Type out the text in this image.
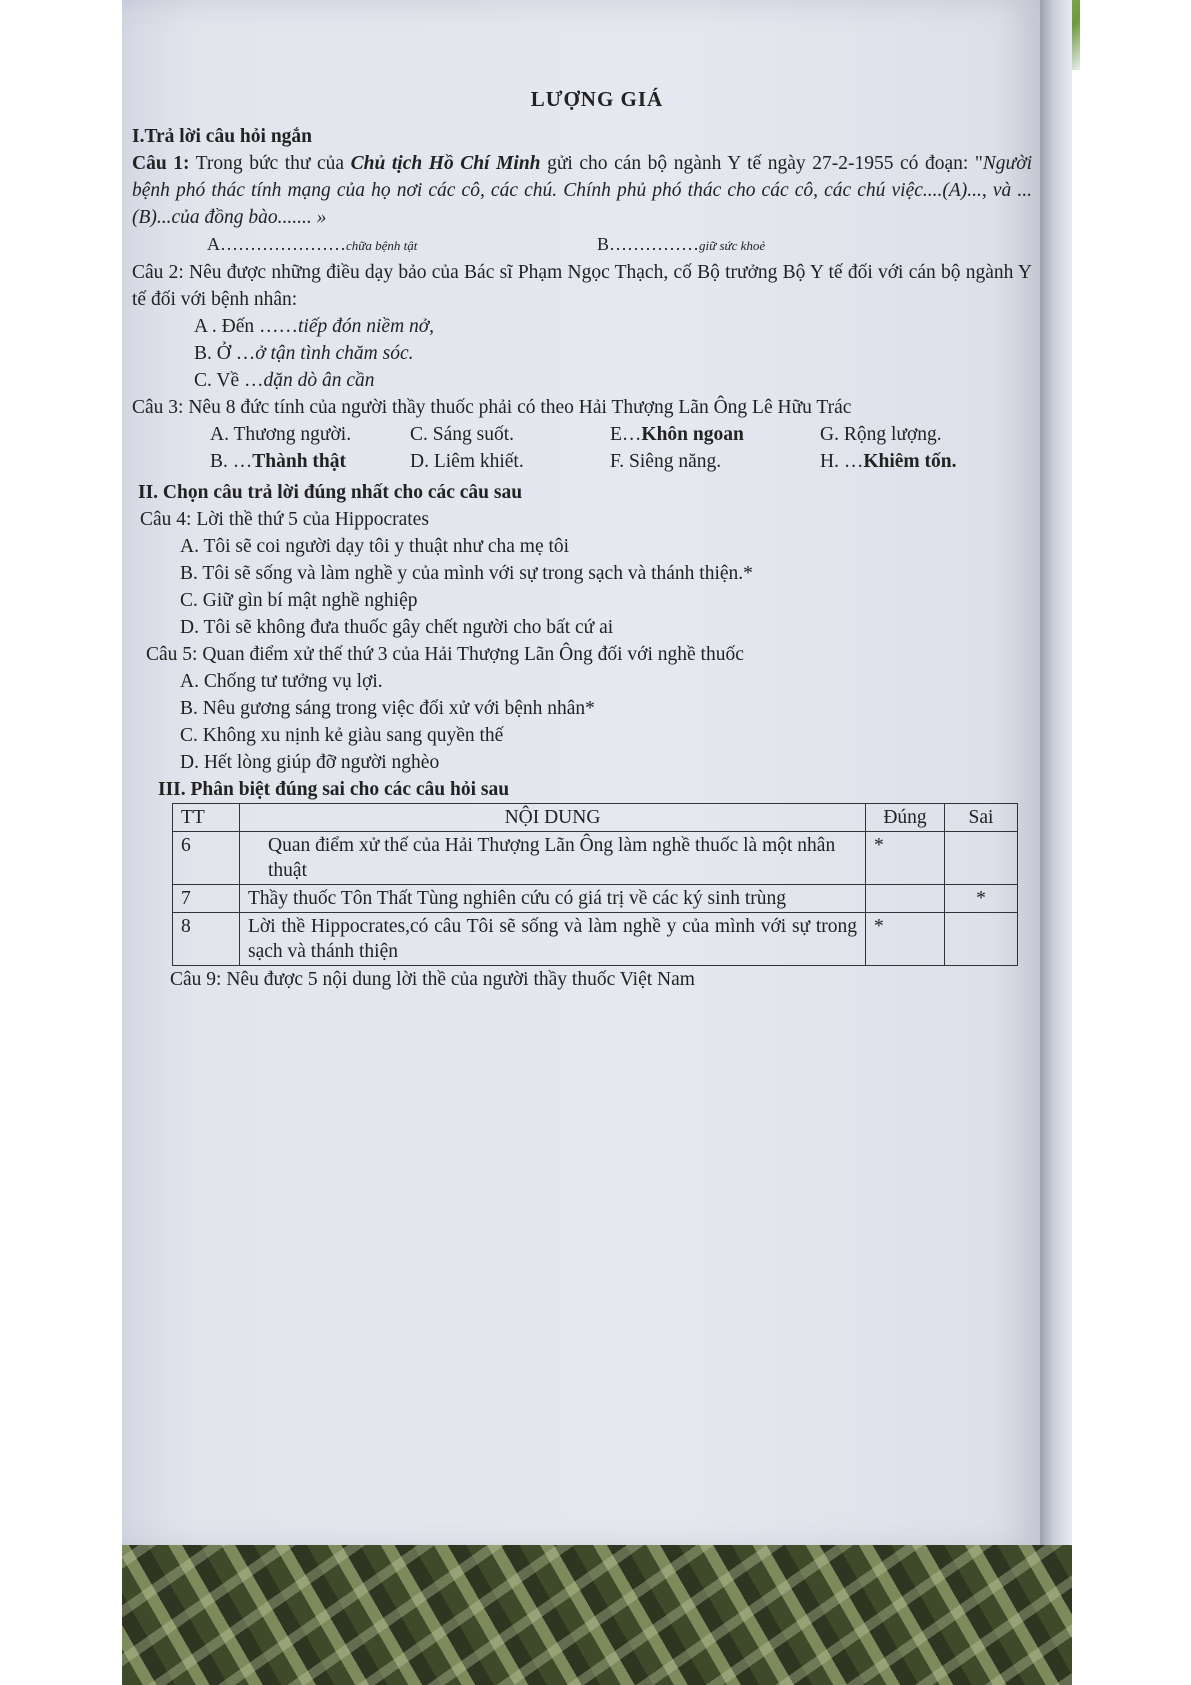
LƯỢNG GIÁ
I.Trả lời câu hỏi ngắn

Câu 1: Trong bức thư của Chủ tịch Hồ Chí Minh gửi cho cán bộ ngành Y tế ngày 27-2-1955 có đoạn: "Người bệnh phó thác tính mạng của họ nơi các cô, các chú. Chính phủ phó thác cho các cô, các chú việc....(A)..., và ...(B)...của đồng bào....... »

A…………………chữa bệnh tật	B……………giữ sức khoẻ

Câu 2: Nêu được những điều dạy bảo của Bác sĩ Phạm Ngọc Thạch, cố Bộ trưởng Bộ Y tế đối với cán bộ ngành Y tế đối với bệnh nhân:

A . Đến ……tiếp đón niềm nở,
B. Ở …ở tận tình chăm sóc.
C. Về …dặn dò ân cần

Câu 3: Nêu 8 đức tính của người thầy thuốc phải có theo Hải Thượng Lãn Ông Lê Hữu Trác

A. Thương người.	C. Sáng suốt.	E…Khôn ngoan	G. Rộng lượng.
B. …Thành thật	D. Liêm khiết.	F. Siêng năng.	H. …Khiêm tốn.
II. Chọn câu trả lời đúng nhất cho các câu sau
Câu 4: Lời thề thứ 5 của Hippocrates
A. Tôi sẽ coi người dạy tôi y thuật như cha mẹ tôi
B. Tôi sẽ sống và làm nghề y của mình với sự trong sạch và thánh thiện.*
C. Giữ gìn bí mật nghề nghiệp
D. Tôi sẽ không đưa thuốc gây chết người cho bất cứ ai
Câu 5: Quan điểm xử thế thứ 3 của Hải Thượng Lãn Ông đối với nghề thuốc
A. Chống tư tưởng vụ lợi.
B. Nêu gương sáng trong việc đối xử với bệnh nhân*
C. Không xu nịnh kẻ giàu sang quyền thế
D. Hết lòng giúp đỡ người nghèo
III. Phân biệt đúng sai cho các câu hỏi sau
TT	NỘI DUNG	Đúng	Sai
6	Quan điểm xử thế của Hải Thượng Lãn Ông làm nghề thuốc là một nhân thuật	*	
7	Thầy thuốc Tôn Thất Tùng nghiên cứu có giá trị về các ký sinh trùng		*
8	Lời thề Hippocrates,có câu Tôi sẽ sống và làm nghề y của mình với sự trong sạch và thánh thiện	*	
Câu 9: Nêu được 5 nội dung lời thề của người thầy thuốc Việt Nam
